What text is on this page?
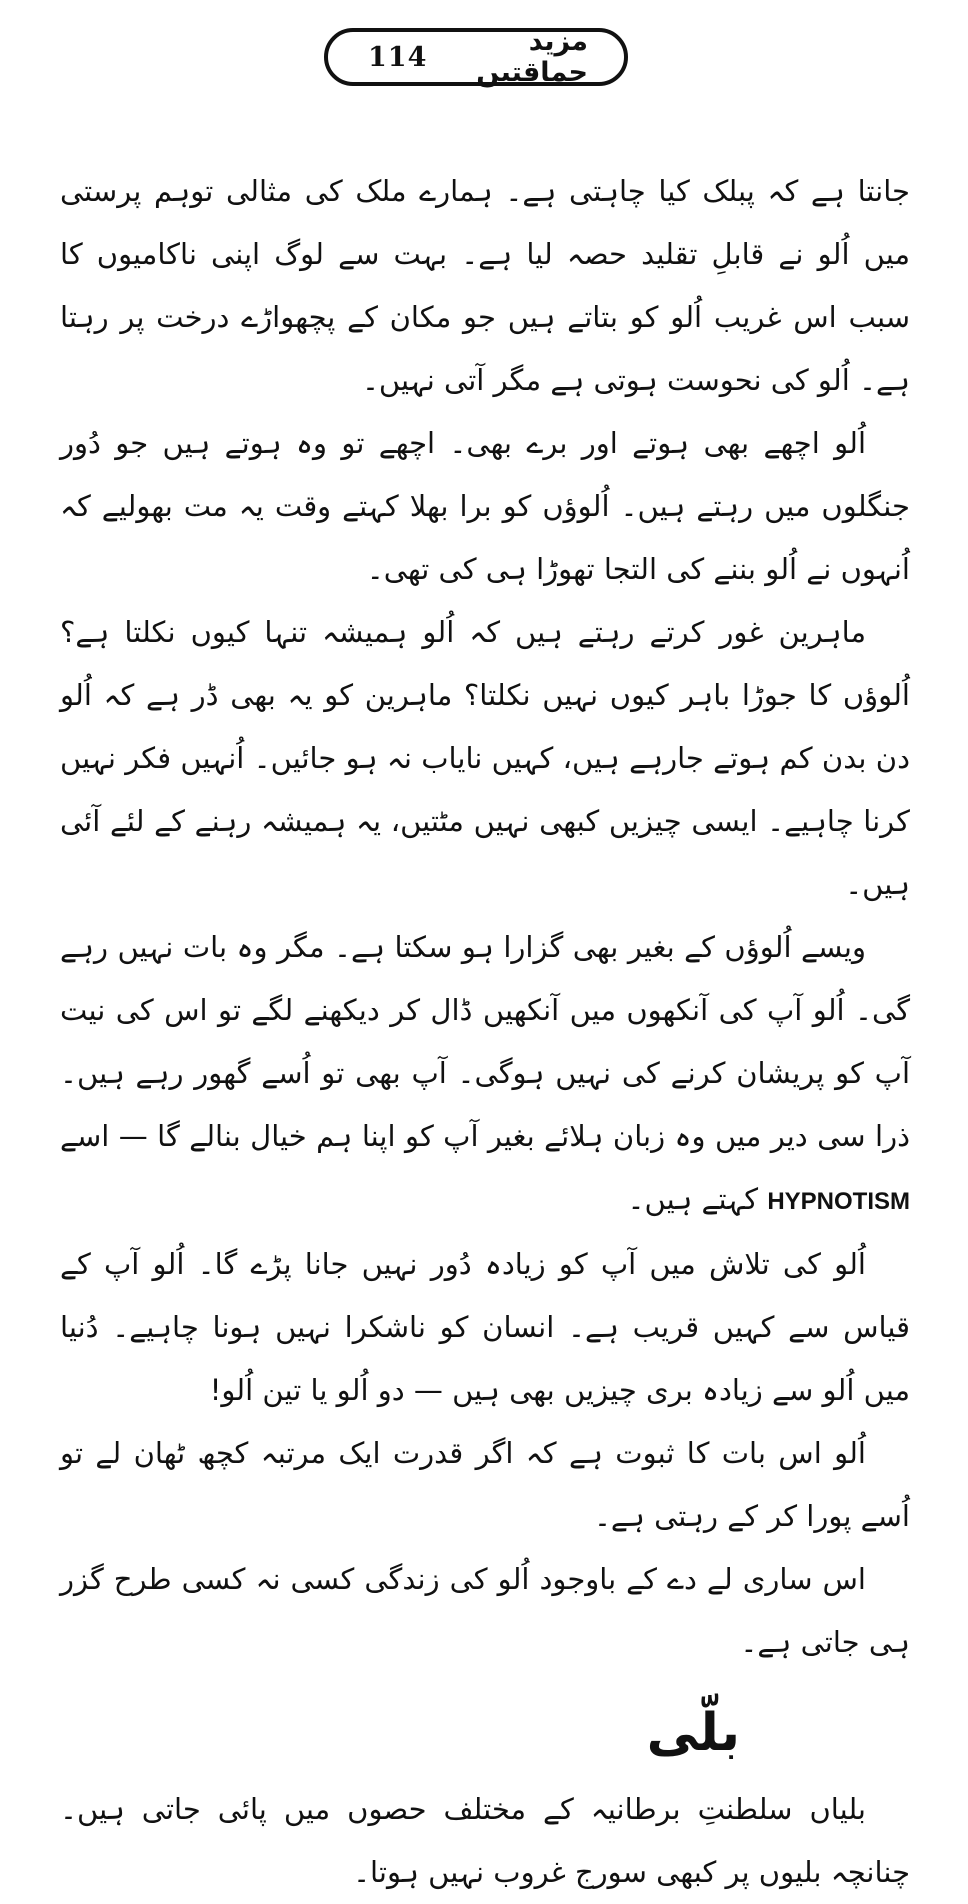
114	مزید حماقتیں

جانتا ہے کہ پبلک کیا چاہتی ہے۔ ہمارے ملک کی مثالی توہم پرستی میں اُلو نے قابلِ تقلید حصہ لیا ہے۔ بہت سے لوگ اپنی ناکامیوں کا سبب اس غریب اُلو کو بتاتے ہیں جو مکان کے پچھواڑے درخت پر رہتا ہے۔ اُلو کی نحوست ہوتی ہے مگر آتی نہیں۔

اُلو اچھے بھی ہوتے اور برے بھی۔ اچھے تو وہ ہوتے ہیں جو دُور جنگلوں میں رہتے ہیں۔ اُلوؤں کو برا بھلا کہتے وقت یہ مت بھولیے کہ اُنہوں نے اُلو بننے کی التجا تھوڑا ہی کی تھی۔

ماہرین غور کرتے رہتے ہیں کہ اُلو ہمیشہ تنہا کیوں نکلتا ہے؟ اُلوؤں کا جوڑا باہر کیوں نہیں نکلتا؟ ماہرین کو یہ بھی ڈر ہے کہ اُلو دن بدن کم ہوتے جارہے ہیں، کہیں نایاب نہ ہو جائیں۔ اُنہیں فکر نہیں کرنا چاہیے۔ ایسی چیزیں کبھی نہیں مٹتیں، یہ ہمیشہ رہنے کے لئے آئی ہیں۔

ویسے اُلوؤں کے بغیر بھی گزارا ہو سکتا ہے۔ مگر وہ بات نہیں رہے گی۔ اُلو آپ کی آنکھوں میں آنکھیں ڈال کر دیکھنے لگے تو اس کی نیت آپ کو پریشان کرنے کی نہیں ہوگی۔ آپ بھی تو اُسے گھور رہے ہیں۔ ذرا سی دیر میں وہ زبان ہلائے بغیر آپ کو اپنا ہم خیال بنالے گا — اسے HYPNOTISM کہتے ہیں۔

اُلو کی تلاش میں آپ کو زیادہ دُور نہیں جانا پڑے گا۔ اُلو آپ کے قیاس سے کہیں قریب ہے۔ انسان کو ناشکرا نہیں ہونا چاہیے۔ دُنیا میں اُلو سے زیادہ بری چیزیں بھی ہیں — دو اُلو یا تین اُلو!

اُلو اس بات کا ثبوت ہے کہ اگر قدرت ایک مرتبہ کچھ ٹھان لے تو اُسے پورا کر کے رہتی ہے۔

اس ساری لے دے کے باوجود اُلو کی زندگی کسی نہ کسی طرح گزر ہی جاتی ہے۔

بلّی

بلیاں سلطنتِ برطانیہ کے مختلف حصوں میں پائی جاتی ہیں۔ چنانچہ بلیوں پر کبھی سورج غروب نہیں ہوتا۔
